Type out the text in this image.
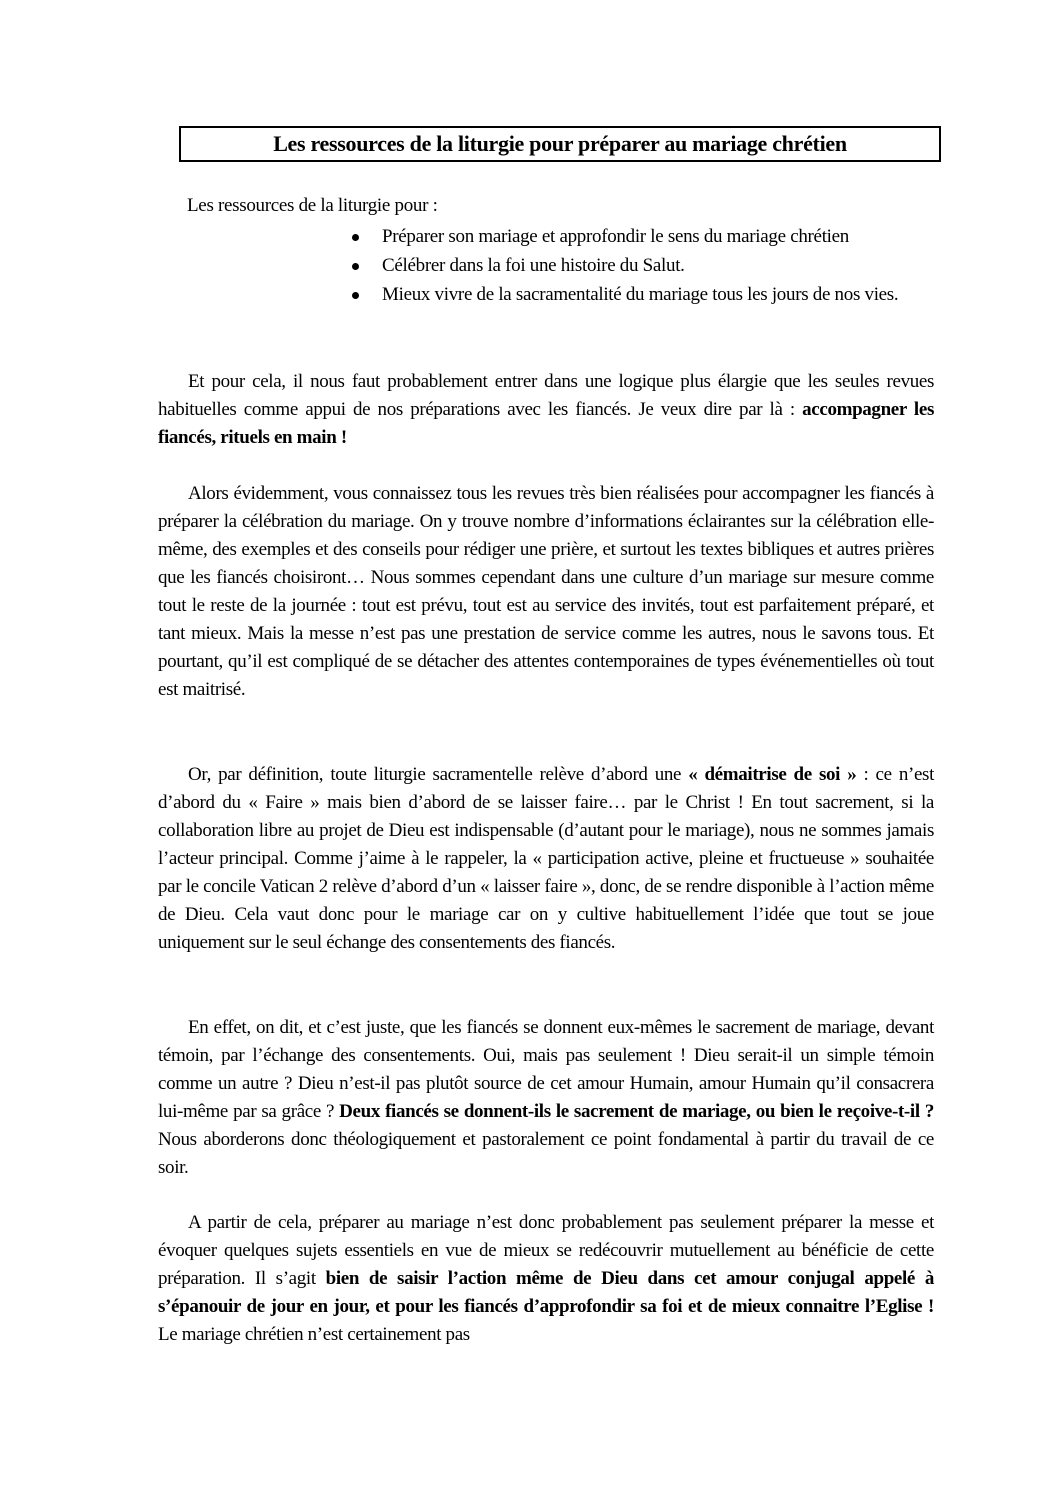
Les ressources de la liturgie pour préparer au mariage chrétien
Les ressources de la liturgie pour :
Préparer son mariage et approfondir le sens du mariage chrétien
Célébrer dans la foi une histoire du Salut.
Mieux vivre de la sacramentalité du mariage tous les jours de nos vies.

Et pour cela, il nous faut probablement entrer dans une logique plus élargie que les seules revues habituelles comme appui de nos préparations avec les fiancés. Je veux dire par là : accompagner les fiancés, rituels en main !

Alors évidemment, vous connaissez tous les revues très bien réalisées pour accompagner les fiancés à préparer la célébration du mariage. On y trouve nombre d’informations éclairantes sur la célébration elle-même, des exemples et des conseils pour rédiger une prière, et surtout les textes bibliques et autres prières que les fiancés choisiront… Nous sommes cependant dans une culture d’un mariage sur mesure comme tout le reste de la journée : tout est prévu, tout est au service des invités, tout est parfaitement préparé, et tant mieux. Mais la messe n’est pas une prestation de service comme les autres, nous le savons tous. Et pourtant, qu’il est compliqué de se détacher des attentes contemporaines de types événementielles où tout est maitrisé.

Or, par définition, toute liturgie sacramentelle relève d’abord une « démaitrise de soi » : ce n’est d’abord du « Faire » mais bien d’abord de se laisser faire… par le Christ ! En tout sacrement, si la collaboration libre au projet de Dieu est indispensable (d’autant pour le mariage), nous ne sommes jamais l’acteur principal. Comme j’aime à le rappeler, la « participation active, pleine et fructueuse » souhaitée par le concile Vatican 2 relève d’abord d’un « laisser faire », donc, de se rendre disponible à l’action même de Dieu. Cela vaut donc pour le mariage car on y cultive habituellement l’idée que tout se joue uniquement sur le seul échange des consentements des fiancés.

En effet, on dit, et c’est juste, que les fiancés se donnent eux-mêmes le sacrement de mariage, devant témoin, par l’échange des consentements. Oui, mais pas seulement ! Dieu serait-il un simple témoin comme un autre ? Dieu n’est-il pas plutôt source de cet amour Humain, amour Humain qu’il consacrera lui-même par sa grâce ? Deux fiancés se donnent-ils le sacrement de mariage, ou bien le reçoive-t-il ? Nous aborderons donc théologiquement et pastoralement ce point fondamental à partir du travail de ce soir.

A partir de cela, préparer au mariage n’est donc probablement pas seulement préparer la messe et évoquer quelques sujets essentiels en vue de mieux se redécouvrir mutuellement au bénéficie de cette préparation. Il s’agit bien de saisir l’action même de Dieu dans cet amour conjugal appelé à s’épanouir de jour en jour, et pour les fiancés d’approfondir sa foi et de mieux connaitre l’Eglise ! Le mariage chrétien n’est certainement pas
